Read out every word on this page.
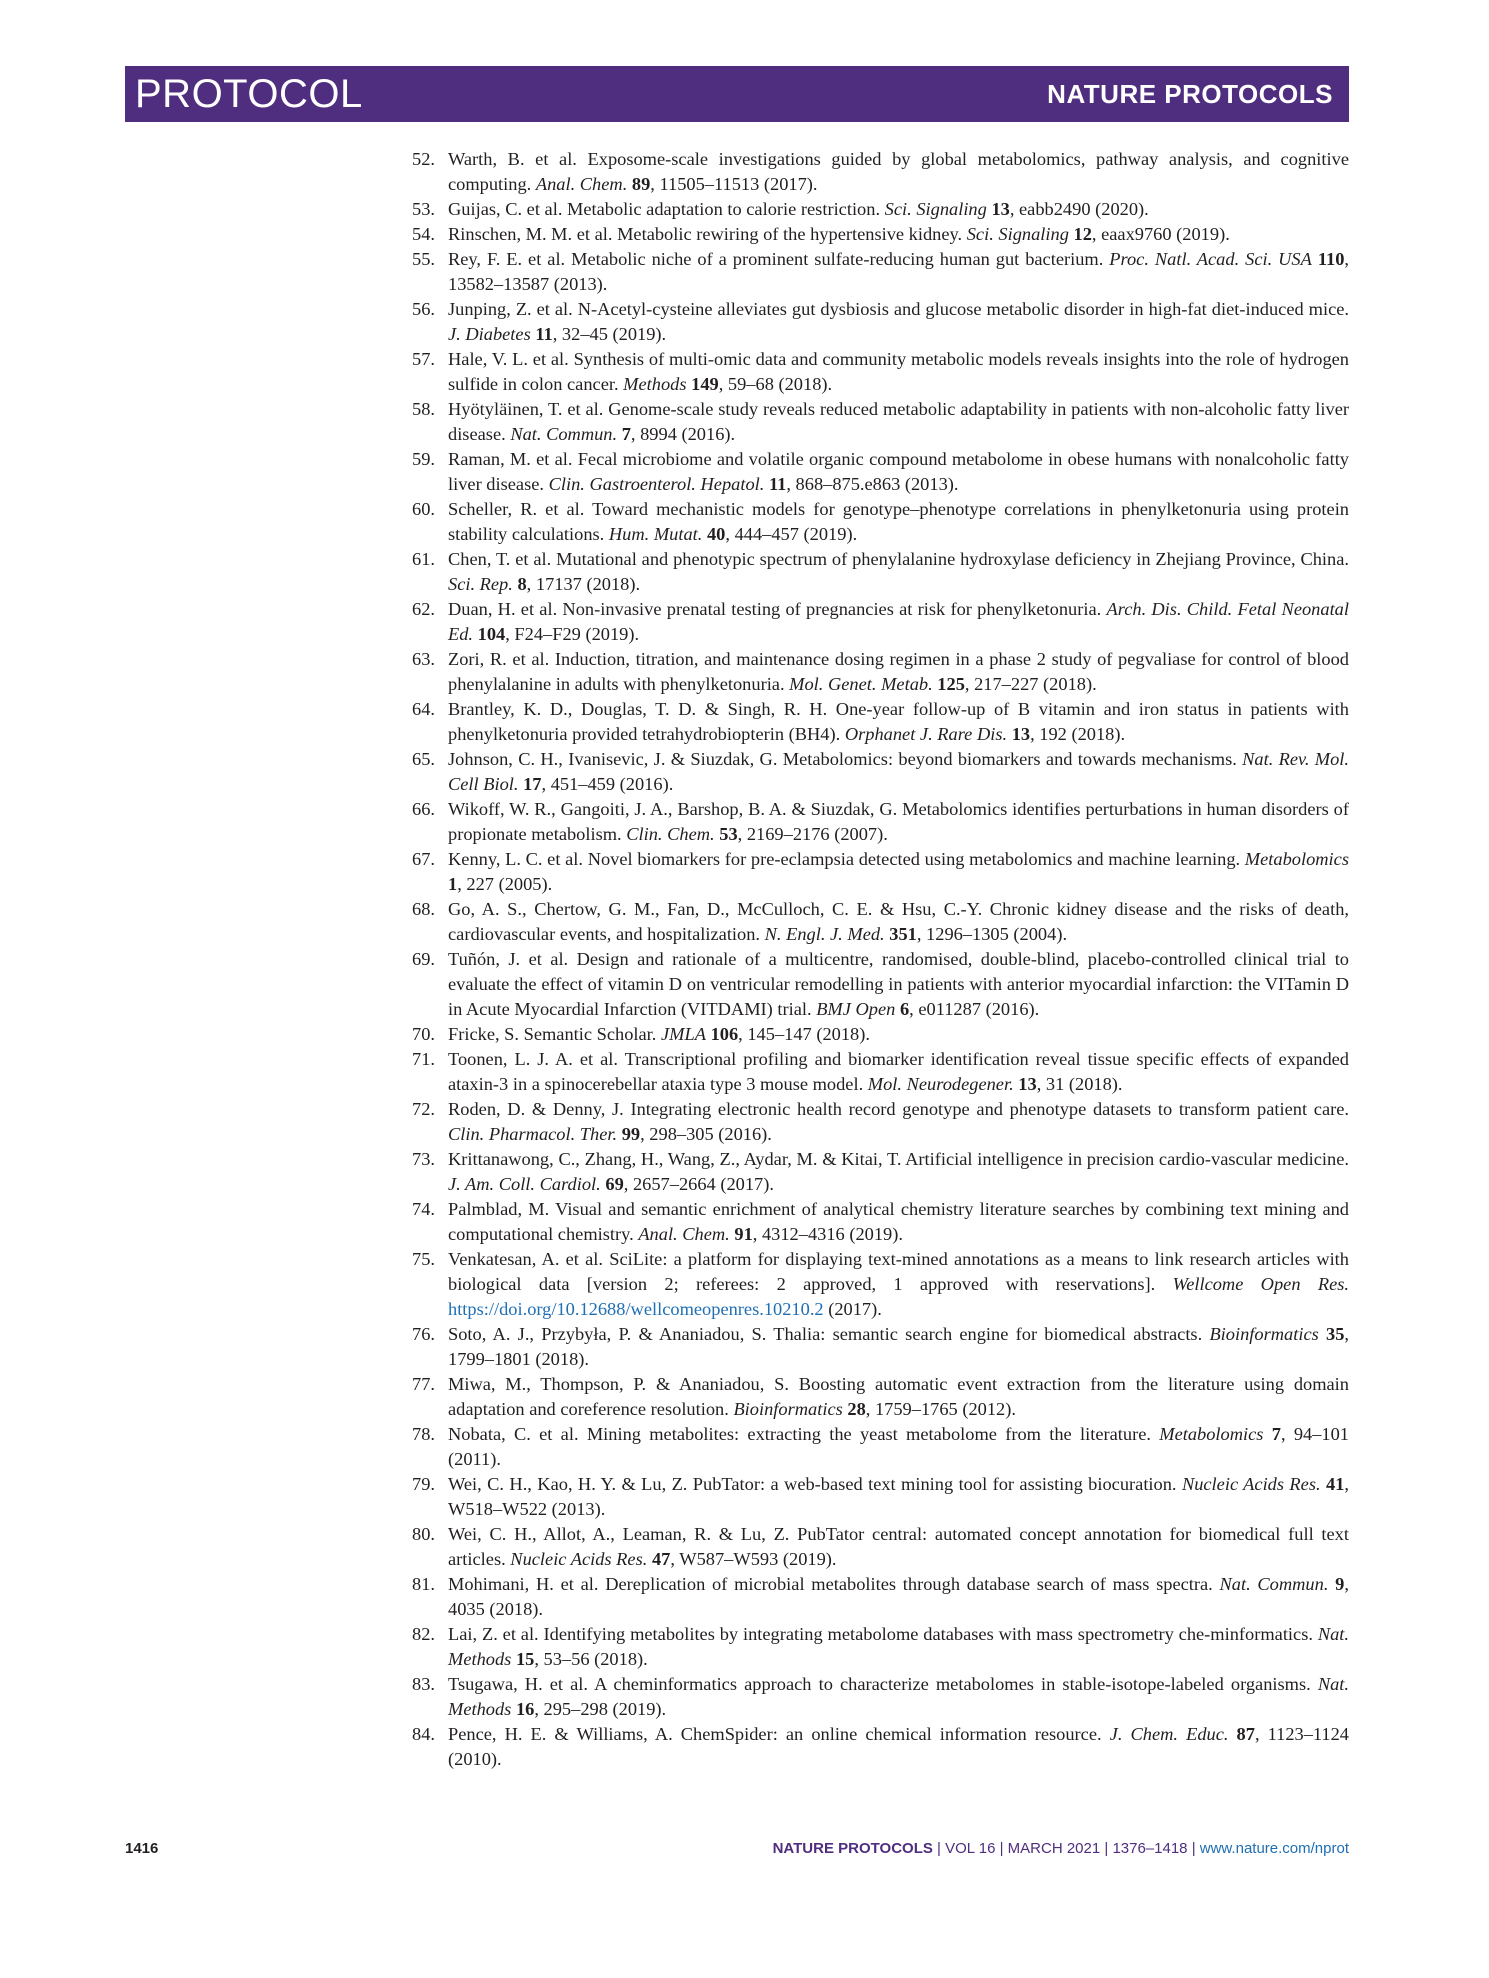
PROTOCOL	NATURE PROTOCOLS
52. Warth, B. et al. Exposome-scale investigations guided by global metabolomics, pathway analysis, and cognitive computing. Anal. Chem. 89, 11505–11513 (2017).
53. Guijas, C. et al. Metabolic adaptation to calorie restriction. Sci. Signaling 13, eabb2490 (2020).
54. Rinschen, M. M. et al. Metabolic rewiring of the hypertensive kidney. Sci. Signaling 12, eaax9760 (2019).
55. Rey, F. E. et al. Metabolic niche of a prominent sulfate-reducing human gut bacterium. Proc. Natl. Acad. Sci. USA 110, 13582–13587 (2013).
56. Junping, Z. et al. N-Acetyl-cysteine alleviates gut dysbiosis and glucose metabolic disorder in high-fat diet-induced mice. J. Diabetes 11, 32–45 (2019).
57. Hale, V. L. et al. Synthesis of multi-omic data and community metabolic models reveals insights into the role of hydrogen sulfide in colon cancer. Methods 149, 59–68 (2018).
58. Hyötyläinen, T. et al. Genome-scale study reveals reduced metabolic adaptability in patients with non-alcoholic fatty liver disease. Nat. Commun. 7, 8994 (2016).
59. Raman, M. et al. Fecal microbiome and volatile organic compound metabolome in obese humans with nonalcoholic fatty liver disease. Clin. Gastroenterol. Hepatol. 11, 868–875.e863 (2013).
60. Scheller, R. et al. Toward mechanistic models for genotype–phenotype correlations in phenylketonuria using protein stability calculations. Hum. Mutat. 40, 444–457 (2019).
61. Chen, T. et al. Mutational and phenotypic spectrum of phenylalanine hydroxylase deficiency in Zhejiang Province, China. Sci. Rep. 8, 17137 (2018).
62. Duan, H. et al. Non-invasive prenatal testing of pregnancies at risk for phenylketonuria. Arch. Dis. Child. Fetal Neonatal Ed. 104, F24–F29 (2019).
63. Zori, R. et al. Induction, titration, and maintenance dosing regimen in a phase 2 study of pegvaliase for control of blood phenylalanine in adults with phenylketonuria. Mol. Genet. Metab. 125, 217–227 (2018).
64. Brantley, K. D., Douglas, T. D. & Singh, R. H. One-year follow-up of B vitamin and iron status in patients with phenylketonuria provided tetrahydrobiopterin (BH4). Orphanet J. Rare Dis. 13, 192 (2018).
65. Johnson, C. H., Ivanisevic, J. & Siuzdak, G. Metabolomics: beyond biomarkers and towards mechanisms. Nat. Rev. Mol. Cell Biol. 17, 451–459 (2016).
66. Wikoff, W. R., Gangoiti, J. A., Barshop, B. A. & Siuzdak, G. Metabolomics identifies perturbations in human disorders of propionate metabolism. Clin. Chem. 53, 2169–2176 (2007).
67. Kenny, L. C. et al. Novel biomarkers for pre-eclampsia detected using metabolomics and machine learning. Metabolomics 1, 227 (2005).
68. Go, A. S., Chertow, G. M., Fan, D., McCulloch, C. E. & Hsu, C.-Y. Chronic kidney disease and the risks of death, cardiovascular events, and hospitalization. N. Engl. J. Med. 351, 1296–1305 (2004).
69. Tuñón, J. et al. Design and rationale of a multicentre, randomised, double-blind, placebo-controlled clinical trial to evaluate the effect of vitamin D on ventricular remodelling in patients with anterior myocardial infarction: the VITamin D in Acute Myocardial Infarction (VITDAMI) trial. BMJ Open 6, e011287 (2016).
70. Fricke, S. Semantic Scholar. JMLA 106, 145–147 (2018).
71. Toonen, L. J. A. et al. Transcriptional profiling and biomarker identification reveal tissue specific effects of expanded ataxin-3 in a spinocerebellar ataxia type 3 mouse model. Mol. Neurodegener. 13, 31 (2018).
72. Roden, D. & Denny, J. Integrating electronic health record genotype and phenotype datasets to transform patient care. Clin. Pharmacol. Ther. 99, 298–305 (2016).
73. Krittanawong, C., Zhang, H., Wang, Z., Aydar, M. & Kitai, T. Artificial intelligence in precision cardio-vascular medicine. J. Am. Coll. Cardiol. 69, 2657–2664 (2017).
74. Palmblad, M. Visual and semantic enrichment of analytical chemistry literature searches by combining text mining and computational chemistry. Anal. Chem. 91, 4312–4316 (2019).
75. Venkatesan, A. et al. SciLite: a platform for displaying text-mined annotations as a means to link research articles with biological data [version 2; referees: 2 approved, 1 approved with reservations]. Wellcome Open Res. https://doi.org/10.12688/wellcomeopenres.10210.2 (2017).
76. Soto, A. J., Przybyła, P. & Ananiadou, S. Thalia: semantic search engine for biomedical abstracts. Bioinformatics 35, 1799–1801 (2018).
77. Miwa, M., Thompson, P. & Ananiadou, S. Boosting automatic event extraction from the literature using domain adaptation and coreference resolution. Bioinformatics 28, 1759–1765 (2012).
78. Nobata, C. et al. Mining metabolites: extracting the yeast metabolome from the literature. Metabolomics 7, 94–101 (2011).
79. Wei, C. H., Kao, H. Y. & Lu, Z. PubTator: a web-based text mining tool for assisting biocuration. Nucleic Acids Res. 41, W518–W522 (2013).
80. Wei, C. H., Allot, A., Leaman, R. & Lu, Z. PubTator central: automated concept annotation for biomedical full text articles. Nucleic Acids Res. 47, W587–W593 (2019).
81. Mohimani, H. et al. Dereplication of microbial metabolites through database search of mass spectra. Nat. Commun. 9, 4035 (2018).
82. Lai, Z. et al. Identifying metabolites by integrating metabolome databases with mass spectrometry che-minformatics. Nat. Methods 15, 53–56 (2018).
83. Tsugawa, H. et al. A cheminformatics approach to characterize metabolomes in stable-isotope-labeled organisms. Nat. Methods 16, 295–298 (2019).
84. Pence, H. E. & Williams, A. ChemSpider: an online chemical information resource. J. Chem. Educ. 87, 1123–1124 (2010).
1416	NATURE PROTOCOLS | VOL 16 | MARCH 2021 | 1376–1418 | www.nature.com/nprot
